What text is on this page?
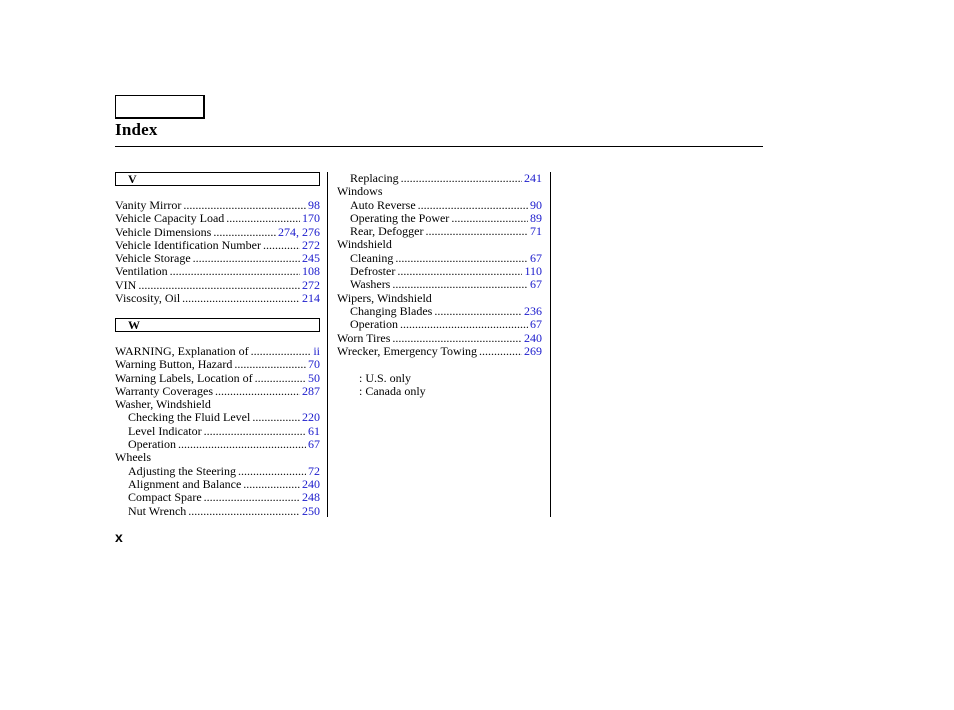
Index
V
Vanity Mirror .....	98
Vehicle Capacity Load .....	170
Vehicle Dimensions .....	274, 276
Vehicle Identification Number .....	272
Vehicle Storage .....	245
Ventilation .....	108
VIN .....	272
Viscosity, Oil .....	214
W
WARNING, Explanation of .....	ii
Warning Button, Hazard .....	70
Warning Labels, Location of .....	50
Warranty Coverages .....	287
Washer, Windshield
Checking the Fluid Level .....	220
Level Indicator .....	61
Operation .....	67
Wheels
Adjusting the Steering .....	72
Alignment and Balance .....	240
Compact Spare .....	248
Nut Wrench .....	250
Replacing .....	241
Windows
Auto Reverse .....	90
Operating the Power .....	89
Rear, Defogger .....	71
Windshield
Cleaning .....	67
Defroster .....	110
Washers .....	67
Wipers, Windshield
Changing Blades .....	236
Operation .....	67
Worn Tires .....	240
Wrecker, Emergency Towing .....	269
: U.S. only
: Canada only
x
